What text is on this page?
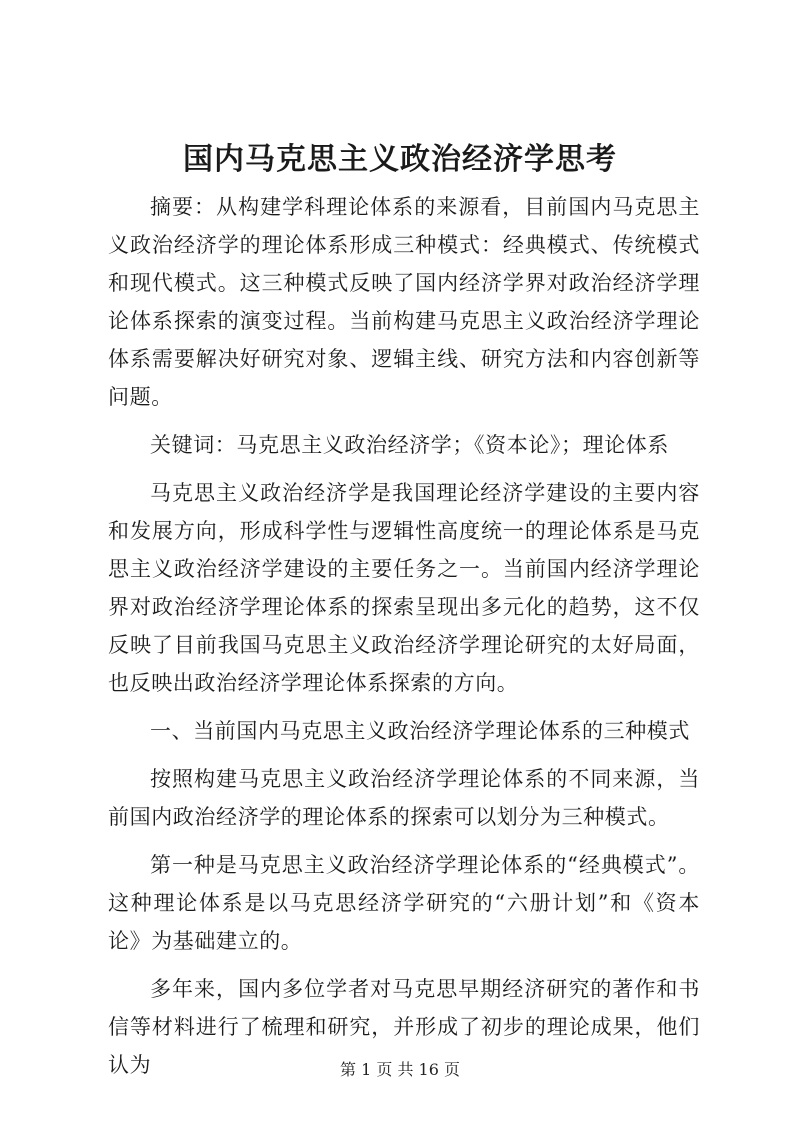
国内马克思主义政治经济学思考

摘要：从构建学科理论体系的来源看，目前国内马克思主义政治经济学的理论体系形成三种模式：经典模式、传统模式和现代模式。这三种模式反映了国内经济学界对政治经济学理论体系探索的演变过程。当前构建马克思主义政治经济学理论体系需要解决好研究对象、逻辑主线、研究方法和内容创新等问题。

关键词：马克思主义政治经济学；《资本论》；理论体系

马克思主义政治经济学是我国理论经济学建设的主要内容和发展方向，形成科学性与逻辑性高度统一的理论体系是马克思主义政治经济学建设的主要任务之一。当前国内经济学理论界对政治经济学理论体系的探索呈现出多元化的趋势，这不仅反映了目前我国马克思主义政治经济学理论研究的太好局面，也反映出政治经济学理论体系探索的方向。

一、当前国内马克思主义政治经济学理论体系的三种模式

按照构建马克思主义政治经济学理论体系的不同来源，当前国内政治经济学的理论体系的探索可以划分为三种模式。

第一种是马克思主义政治经济学理论体系的“经典模式”。这种理论体系是以马克思经济学研究的“六册计划”和《资本论》为基础建立的。

多年来，国内多位学者对马克思早期经济研究的著作和书信等材料进行了梳理和研究，并形成了初步的理论成果，他们认为	第 1 页 共 16 页
